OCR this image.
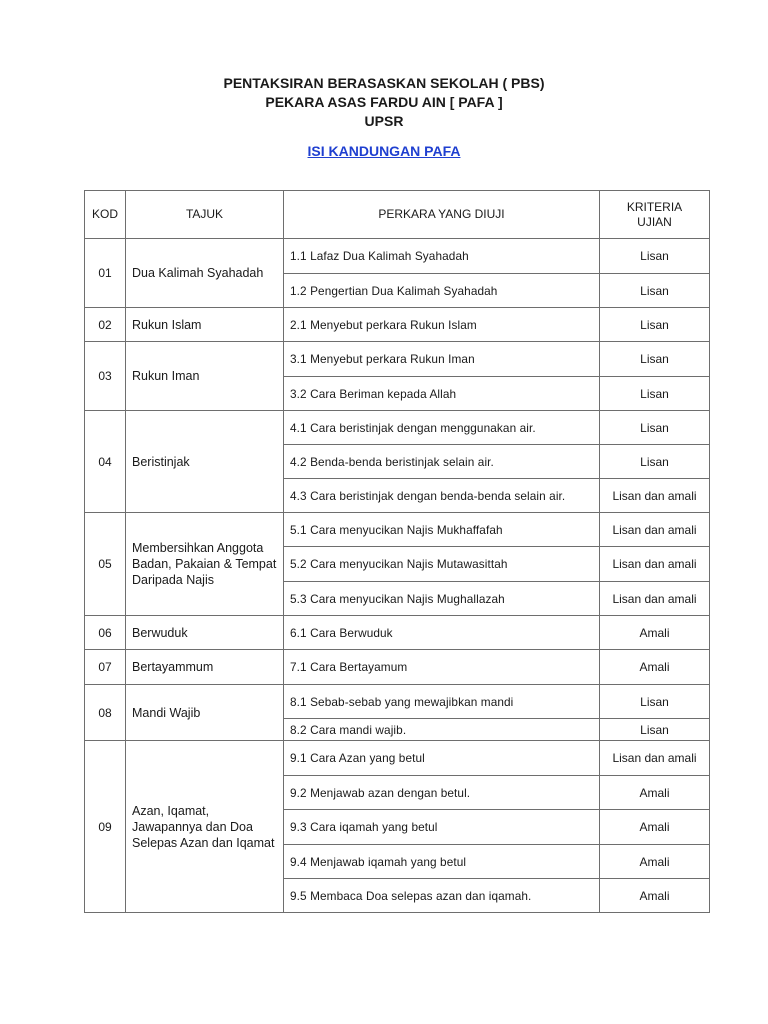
PENTAKSIRAN BERASASKAN SEKOLAH ( PBS)
PEKARA ASAS FARDU AIN [ PAFA ]
UPSR
ISI KANDUNGAN PAFA
KOD	TAJUK	PERKARA YANG DIUJI	KRITERIA
UJIAN
01	Dua Kalimah Syahadah	1.1 Lafaz Dua Kalimah Syahadah	Lisan
		1.2 Pengertian Dua Kalimah Syahadah	Lisan
02	Rukun Islam	2.1 Menyebut perkara Rukun Islam	Lisan
03	Rukun Iman	3.1 Menyebut perkara Rukun Iman	Lisan
		3.2 Cara Beriman kepada Allah	Lisan
04	Beristinjak	4.1 Cara beristinjak dengan menggunakan air.	Lisan
		4.2 Benda-benda beristinjak selain air.	Lisan
		4.3 Cara beristinjak dengan benda-benda selain air.	Lisan dan amali
05	Membersihkan Anggota Badan, Pakaian & Tempat Daripada Najis	5.1 Cara menyucikan Najis Mukhaffafah	Lisan dan amali
		5.2 Cara menyucikan Najis Mutawasittah	Lisan dan amali
		5.3 Cara menyucikan Najis Mughallazah	Lisan dan amali
06	Berwuduk	6.1 Cara Berwuduk	Amali
07	Bertayammum	7.1 Cara Bertayamum	Amali
08	Mandi Wajib	8.1 Sebab-sebab yang mewajibkan mandi	Lisan
		8.2 Cara mandi wajib.	Lisan
09	Azan, Iqamat, Jawapannya dan Doa Selepas Azan dan Iqamat	9.1 Cara Azan yang betul	Lisan dan amali
		9.2 Menjawab azan dengan betul.	Amali
		9.3 Cara iqamah yang betul	Amali
		9.4 Menjawab iqamah yang betul	Amali
		9.5 Membaca Doa selepas azan dan iqamah.	Amali
